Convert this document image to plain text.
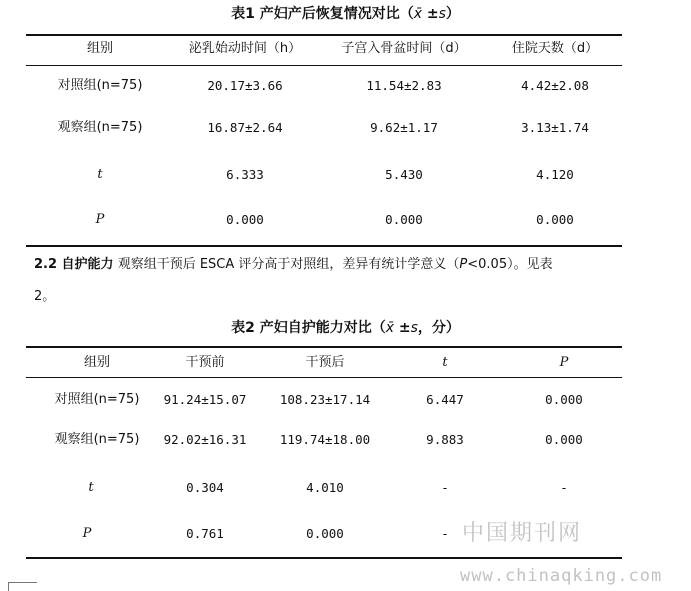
表1 产妇产后恢复情况对比（x̄ ±s）
组别	泌乳始动时间（h）	子宫入骨盆时间（d）	住院天数（d）
对照组(n=75)	20.17±3.66	11.54±2.83	4.42±2.08
观察组(n=75)	16.87±2.64	9.62±1.17	3.13±1.74
t	6.333	5.430	4.120
P	0.000	0.000	0.000
2.2 自护能力 观察组干预后 ESCA 评分高于对照组，差异有统计学意义（P<0.05）。见表
2。
表2 产妇自护能力对比（x̄ ±s，分）
组别	干预前	干预后	t	P
对照组(n=75)	91.24±15.07	108.23±17.14	6.447	0.000
观察组(n=75)	92.02±16.31	119.74±18.00	9.883	0.000
t	0.304	4.010	-	-
P	0.761	0.000	- 中国期刊网
www.chinaqking.com
